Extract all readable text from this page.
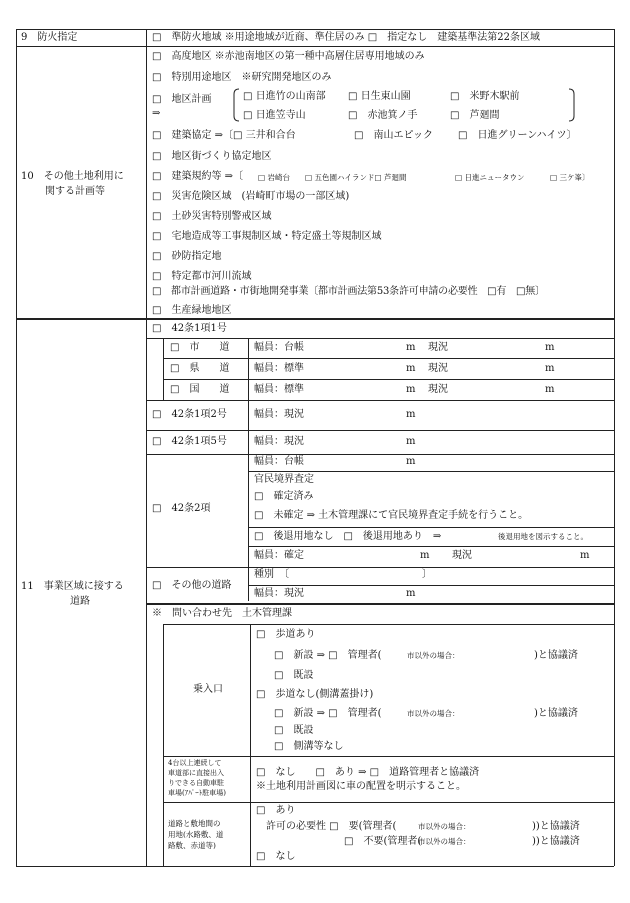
9　防火指定	□　準防火地域 ※用途地域が近商、準住居のみ □　指定なし　建築基準法第22条区域
10　その他土地利用に
関する計画等
□　高度地区 ※赤池南地区の第一種中高層住居専用地域のみ
□　特別用途地区　※研究開発地区のみ
□　地区計画
⇒
□ 日進竹の山南部 □ 日生東山園	□　米野木駅前
□ 日進笠寺山	□　赤池箕ノ手	□　芦廻間
□　建築協定 ⇒〔□ 三井和合台	□　南山エピック □　日進グリーンハイツ〕
□　地区街づくり協定地区
□　建築規約等 ⇒〔 □ 岩崎台 □ 五色園ハイランド□ 芦廻間	□ 日進ニュータウン	□ 三ケ峯〕
□　災害危険区域　(岩崎町市場の一部区域)
□　土砂災害特別警戒区域
□　宅地造成等工事規制区域・特定盛土等規制区域
□　砂防指定地
□　特定都市河川流域
□　都市計画道路・市街地開発事業〔都市計画法第53条許可申請の必要性　□有　□無〕
□　生産緑地地区
11　事業区域に接する
道路
□　42条1項1号
□　市　　道 幅員：台帳	m 現況	m
□　県　　道 幅員：標準	m 現況	m
□　国　　道 幅員：標準	m 現況	m
□　42条1項2号	幅員：現況	m
□　42条1項5号	幅員：現況	m
□　42条2項
幅員：台帳	m
官民境界査定
□　確定済み
□　未確定 ⇒ 土木管理課にて官民境界査定手続を行うこと。
□　後退用地なし　□　後退用地あり　⇒	後退用地を図示すること。
幅員：確定	m 現況	m
□　その他の道路
種別　〔	〕
幅員：現況	m
※　問い合わせ先　土木管理課
乗入口
□　歩道あり
□　新設 ⇒ □　管理者(	市以外の場合：	)と協議済
□　既設
□　歩道なし(側溝蓋掛け)
□　新設 ⇒ □　管理者(	市以外の場合：	)と協議済
□　既設
□　側溝等なし
4台以上連続して
車道部に直接出入
りできる自動車駐
車場(ｱﾊﾟｰﾄ駐車場)
□　なし　　□　あり ⇒ □　道路管理者と協議済
※土地利用計画図に車の配置を明示すること。
道路と敷地間の
用地(水路敷、道
路敷、赤道等)
□　あり
許可の必要性 □　要(管理者(	市以外の場合：	))と協議済
□　不要(管理者(
市以外の場合：	))と協議済
□　なし
